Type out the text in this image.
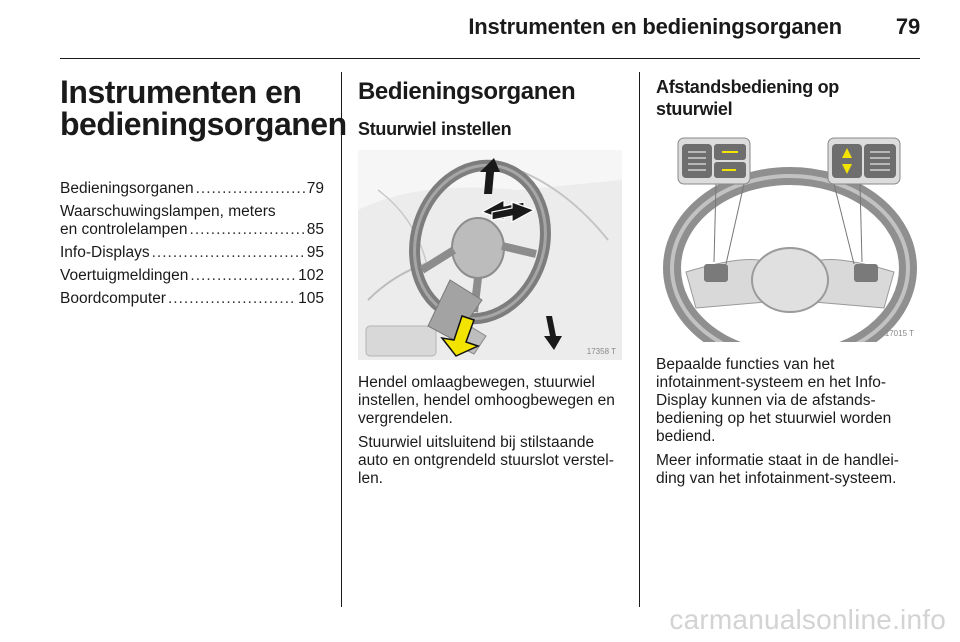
Instrumenten en bedieningsorganen 79
Instrumenten en
bedieningsorganen
Bedieningsorganen .....	79
Waarschuwingslampen, meters
en controlelampen .....	85
Info-Displays .....	95
Voertuigmeldingen .....	102
Boordcomputer .....	105
Bedieningsorganen
Stuurwiel instellen
17358 T

Hendel omlaagbewegen, stuurwiel instellen, hendel omhoogbewegen en vergrendelen.

Stuurwiel uitsluitend bij stilstaande auto en ontgrendeld stuurslot verstel-len.

Afstandsbediening op
stuurwiel
17015 T

Bepaalde functies van het infotainment-systeem en het Info-Display kunnen via de afstands-bediening op het stuurwiel worden bediend.

Meer informatie staat in de handlei-ding van het infotainment-systeem.

carmanualsonline.info
